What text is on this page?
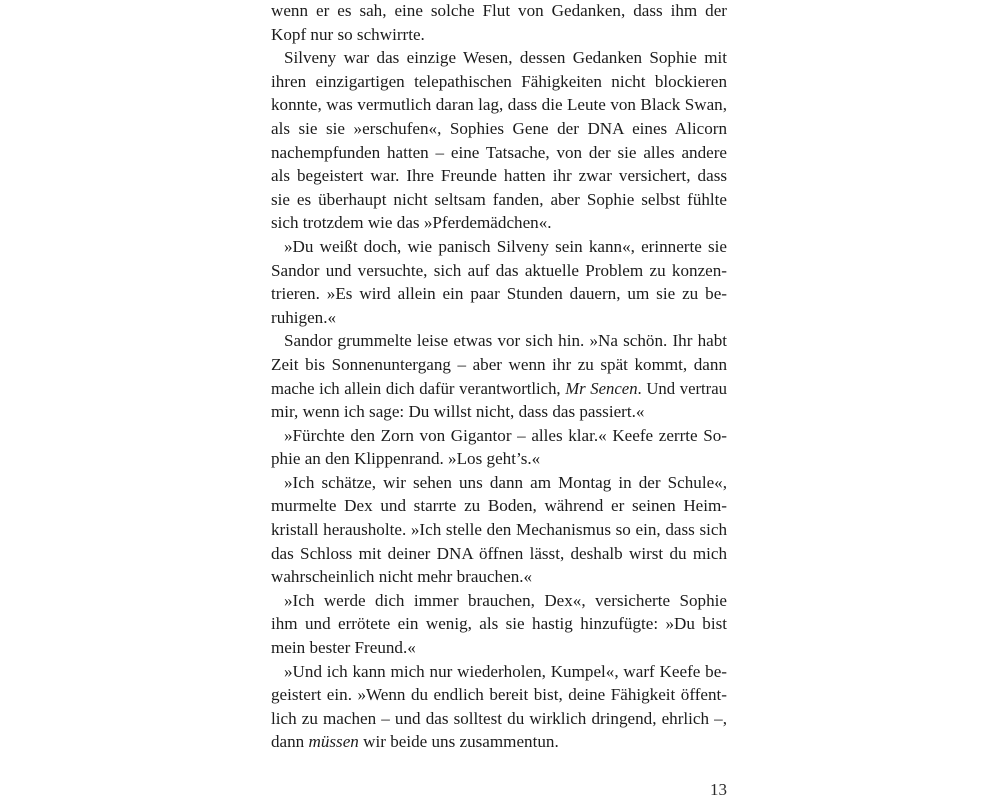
wenn er es sah, eine solche Flut von Gedanken, dass ihm der
Kopf nur so schwirrte.
Silveny war das einzige Wesen, dessen Gedanken Sophie mit
ihren einzigartigen telepathischen Fähigkeiten nicht blockieren
konnte, was vermutlich daran lag, dass die Leute von Black Swan,
als sie sie »erschufen«, Sophies Gene der DNA eines Alicorn
nachempfunden hatten – eine Tatsache, von der sie alles andere
als begeistert war. Ihre Freunde hatten ihr zwar versichert, dass
sie es überhaupt nicht seltsam fanden, aber Sophie selbst fühlte
sich trotzdem wie das »Pferdemädchen«.
»Du weißt doch, wie panisch Silveny sein kann«, erinnerte sie
Sandor und versuchte, sich auf das aktuelle Problem zu konzen-
trieren. »Es wird allein ein paar Stunden dauern, um sie zu be-
ruhigen.«
Sandor grummelte leise etwas vor sich hin. »Na schön. Ihr habt
Zeit bis Sonnenuntergang – aber wenn ihr zu spät kommt, dann
mache ich allein dich dafür verantwortlich, Mr Sencen. Und vertrau
mir, wenn ich sage: Du willst nicht, dass das passiert.«
»Fürchte den Zorn von Gigantor – alles klar.« Keefe zerrte So-
phie an den Klippenrand. »Los geht’s.«
»Ich schätze, wir sehen uns dann am Montag in der Schule«,
murmelte Dex und starrte zu Boden, während er seinen Heim-
kristall herausholte. »Ich stelle den Mechanismus so ein, dass sich
das Schloss mit deiner DNA öffnen lässt, deshalb wirst du mich
wahrscheinlich nicht mehr brauchen.«
»Ich werde dich immer brauchen, Dex«, versicherte Sophie
ihm und errötete ein wenig, als sie hastig hinzufügte: »Du bist
mein bester Freund.«
»Und ich kann mich nur wiederholen, Kumpel«, warf Keefe be-
geistert ein. »Wenn du endlich bereit bist, deine Fähigkeit öffent-
lich zu machen – und das solltest du wirklich dringend, ehrlich –,
dann müssen wir beide uns zusammentun.
13
